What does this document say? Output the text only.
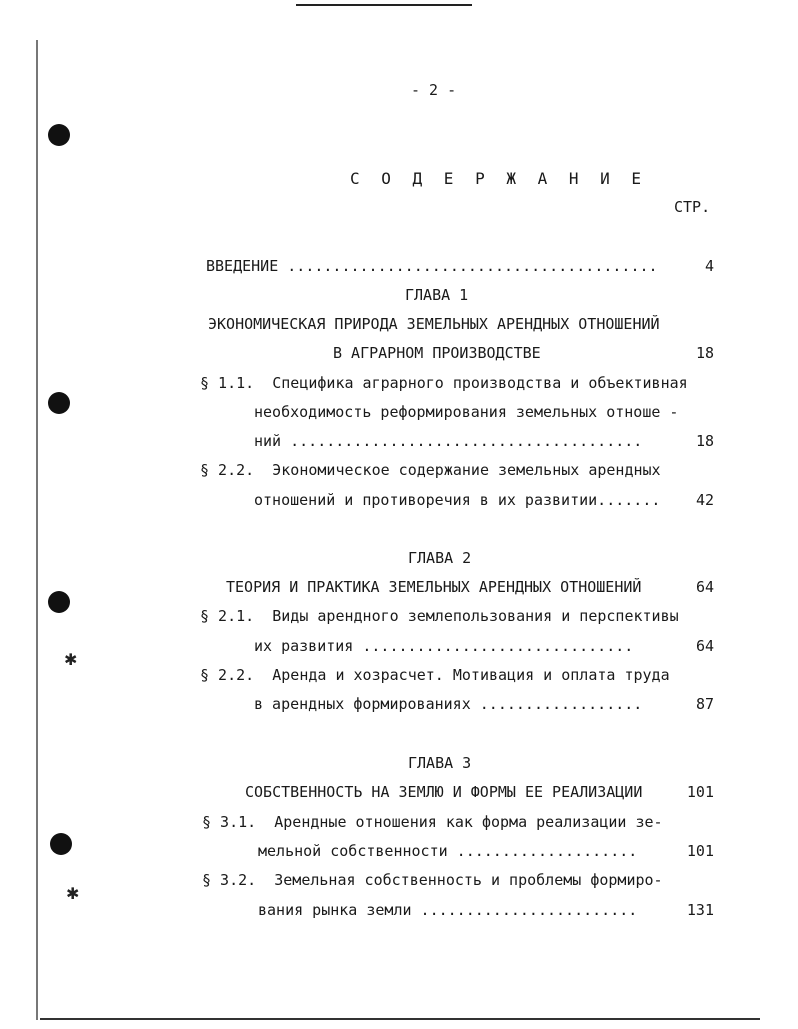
✱
✱
- 2 -
С О Д Е Р Ж А Н И Е
СТР.
ВВЕДЕНИЕ .........................................	4
ГЛАВА 1
ЭКОНОМИЧЕСКАЯ ПРИРОДА ЗЕМЕЛЬНЫХ АРЕНДНЫХ ОТНОШЕНИЙ
В АГРАРНОМ ПРОИЗВОДСТВЕ	18
§ 1.1.  Специфика аграрного производства и объективная
необходимость реформирования земельных отноше -
ний .......................................	18
§ 2.2.  Экономическое содержание земельных арендных
отношений и противоречия в их развитии.......	42
ГЛАВА 2
ТЕОРИЯ И ПРАКТИКА ЗЕМЕЛЬНЫХ АРЕНДНЫХ ОТНОШЕНИЙ	64
§ 2.1.  Виды арендного землепользования и перспективы
их развития ..............................	64
§ 2.2.  Аренда и хозрасчет. Мотивация и оплата труда
в арендных формированиях ..................	87
ГЛАВА 3
СОБСТВЕННОСТЬ НА ЗЕМЛЮ И ФОРМЫ ЕЕ РЕАЛИЗАЦИИ	101
§ 3.1.  Арендные отношения как форма реализации зе-
мельной собственности ....................	101
§ 3.2.  Земельная собственность и проблемы формиро-
вания рынка земли ........................	131
